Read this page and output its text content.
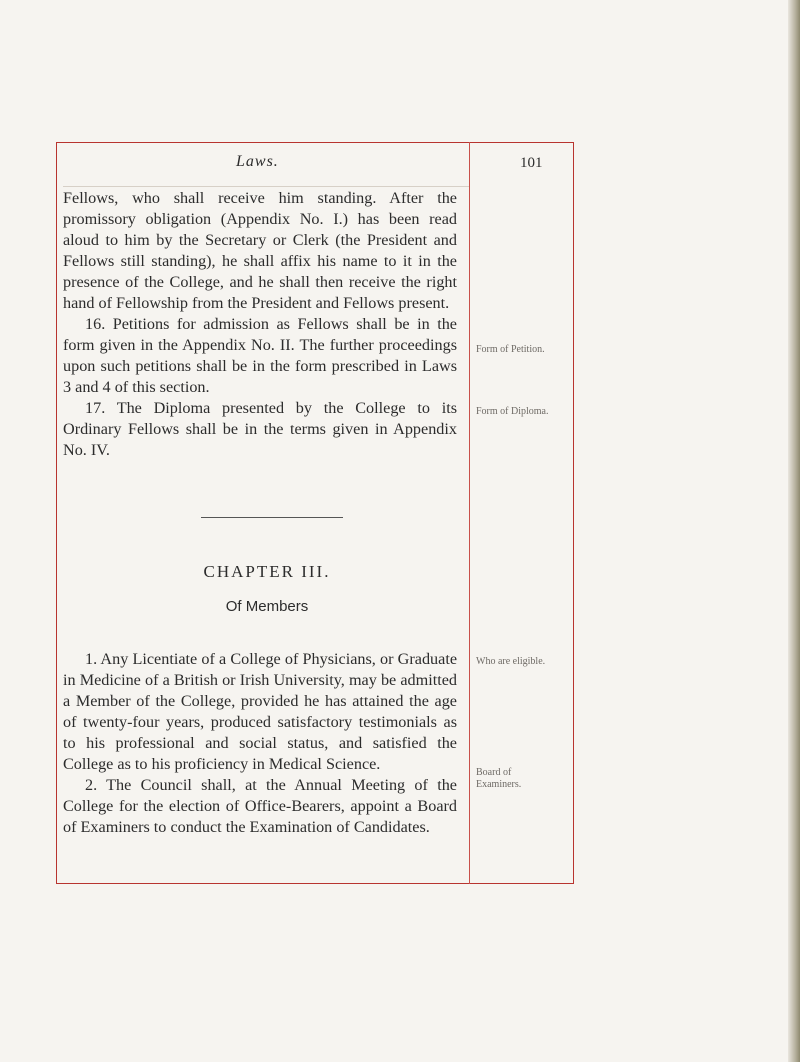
Laws.	101

Fellows, who shall receive him standing. After the promissory obligation (Appendix No. I.) has been read aloud to him by the Secretary or Clerk (the President and Fellows still standing), he shall affix his name to it in the presence of the College, and he shall then receive the right hand of Fellowship from the President and Fellows present.

16. Petitions for admission as Fellows shall be in the form given in the Appendix No. II. The further proceedings upon such petitions shall be in the form prescribed in Laws 3 and 4 of this section.

17. The Diploma presented by the College to its Ordinary Fellows shall be in the terms given in Appendix No. IV.

CHAPTER III.
Of Members

1. Any Licentiate of a College of Physicians, or Graduate in Medicine of a British or Irish University, may be admitted a Member of the College, provided he has attained the age of twenty-four years, produced satisfactory testimonials as to his professional and social status, and satisfied the College as to his proficiency in Medical Science.

2. The Council shall, at the Annual Meeting of the College for the election of Office-Bearers, appoint a Board of Examiners to conduct the Examination of Candidates.

Form of Petition.
Form of Diploma.
Who are eligible.
Board of Examiners.
